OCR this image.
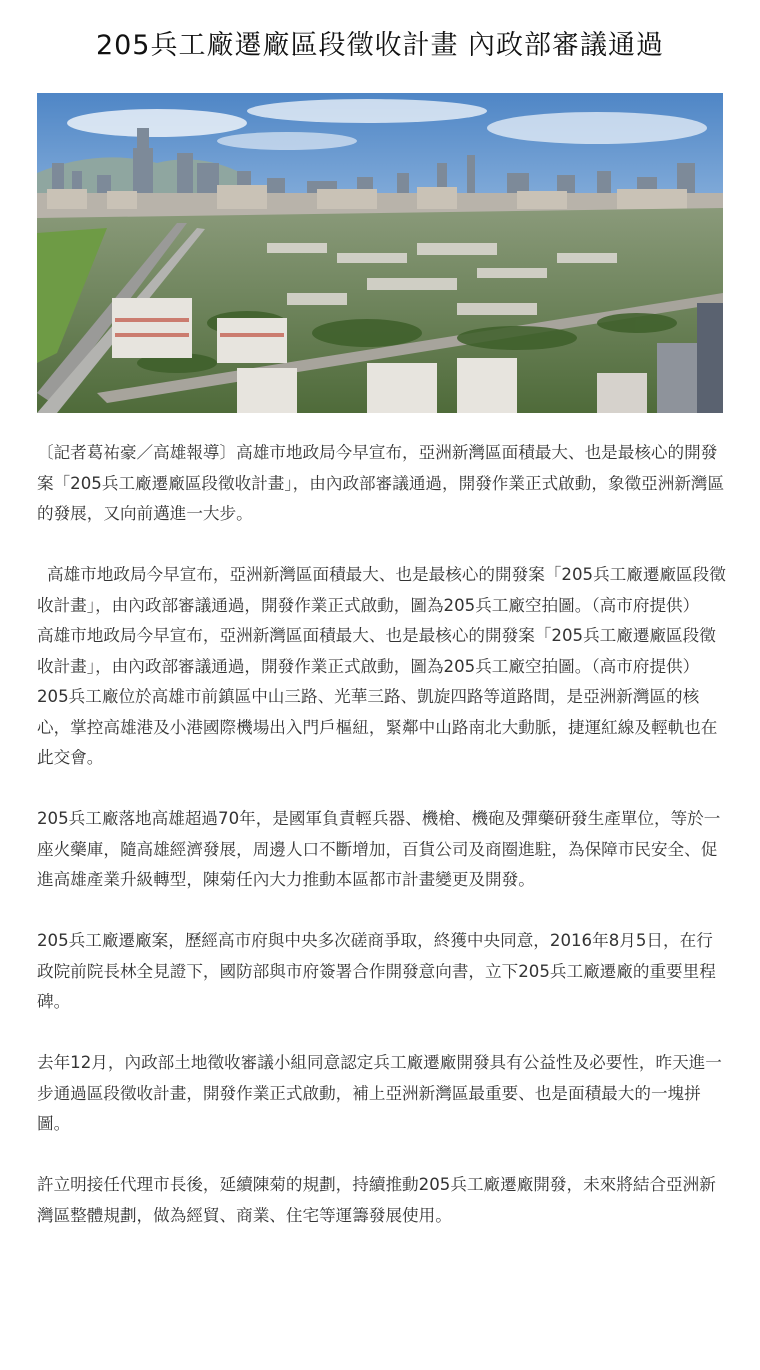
205兵工廠遷廠區段徵收計畫 內政部審議通過

〔記者葛祐豪／高雄報導〕高雄市地政局今早宣布，亞洲新灣區面積最大、也是最核心的開發案「205兵工廠遷廠區段徵收計畫」，由內政部審議通過，開發作業正式啟動，象徵亞洲新灣區的發展，又向前邁進一大步。

高雄市地政局今早宣布，亞洲新灣區面積最大、也是最核心的開發案「205兵工廠遷廠區段徵收計畫」，由內政部審議通過，開發作業正式啟動，圖為205兵工廠空拍圖。（高市府提供）

高雄市地政局今早宣布，亞洲新灣區面積最大、也是最核心的開發案「205兵工廠遷廠區段徵收計畫」，由內政部審議通過，開發作業正式啟動，圖為205兵工廠空拍圖。（高市府提供）

205兵工廠位於高雄市前鎮區中山三路、光華三路、凱旋四路等道路間，是亞洲新灣區的核心，掌控高雄港及小港國際機場出入門戶樞紐，緊鄰中山路南北大動脈，捷運紅線及輕軌也在此交會。

205兵工廠落地高雄超過70年，是國軍負責輕兵器、機槍、機砲及彈藥研發生產單位，等於一座火藥庫，隨高雄經濟發展，周邊人口不斷增加，百貨公司及商圈進駐，為保障市民安全、促進高雄產業升級轉型，陳菊任內大力推動本區都市計畫變更及開發。

205兵工廠遷廠案，歷經高市府與中央多次磋商爭取，終獲中央同意，2016年8月5日，在行政院前院長林全見證下，國防部與市府簽署合作開發意向書，立下205兵工廠遷廠的重要里程碑。

去年12月，內政部土地徵收審議小組同意認定兵工廠遷廠開發具有公益性及必要性，昨天進一步通過區段徵收計畫，開發作業正式啟動，補上亞洲新灣區最重要、也是面積最大的一塊拼圖。

許立明接任代理市長後，延續陳菊的規劃，持續推動205兵工廠遷廠開發，未來將結合亞洲新灣區整體規劃，做為經貿、商業、住宅等運籌發展使用。
